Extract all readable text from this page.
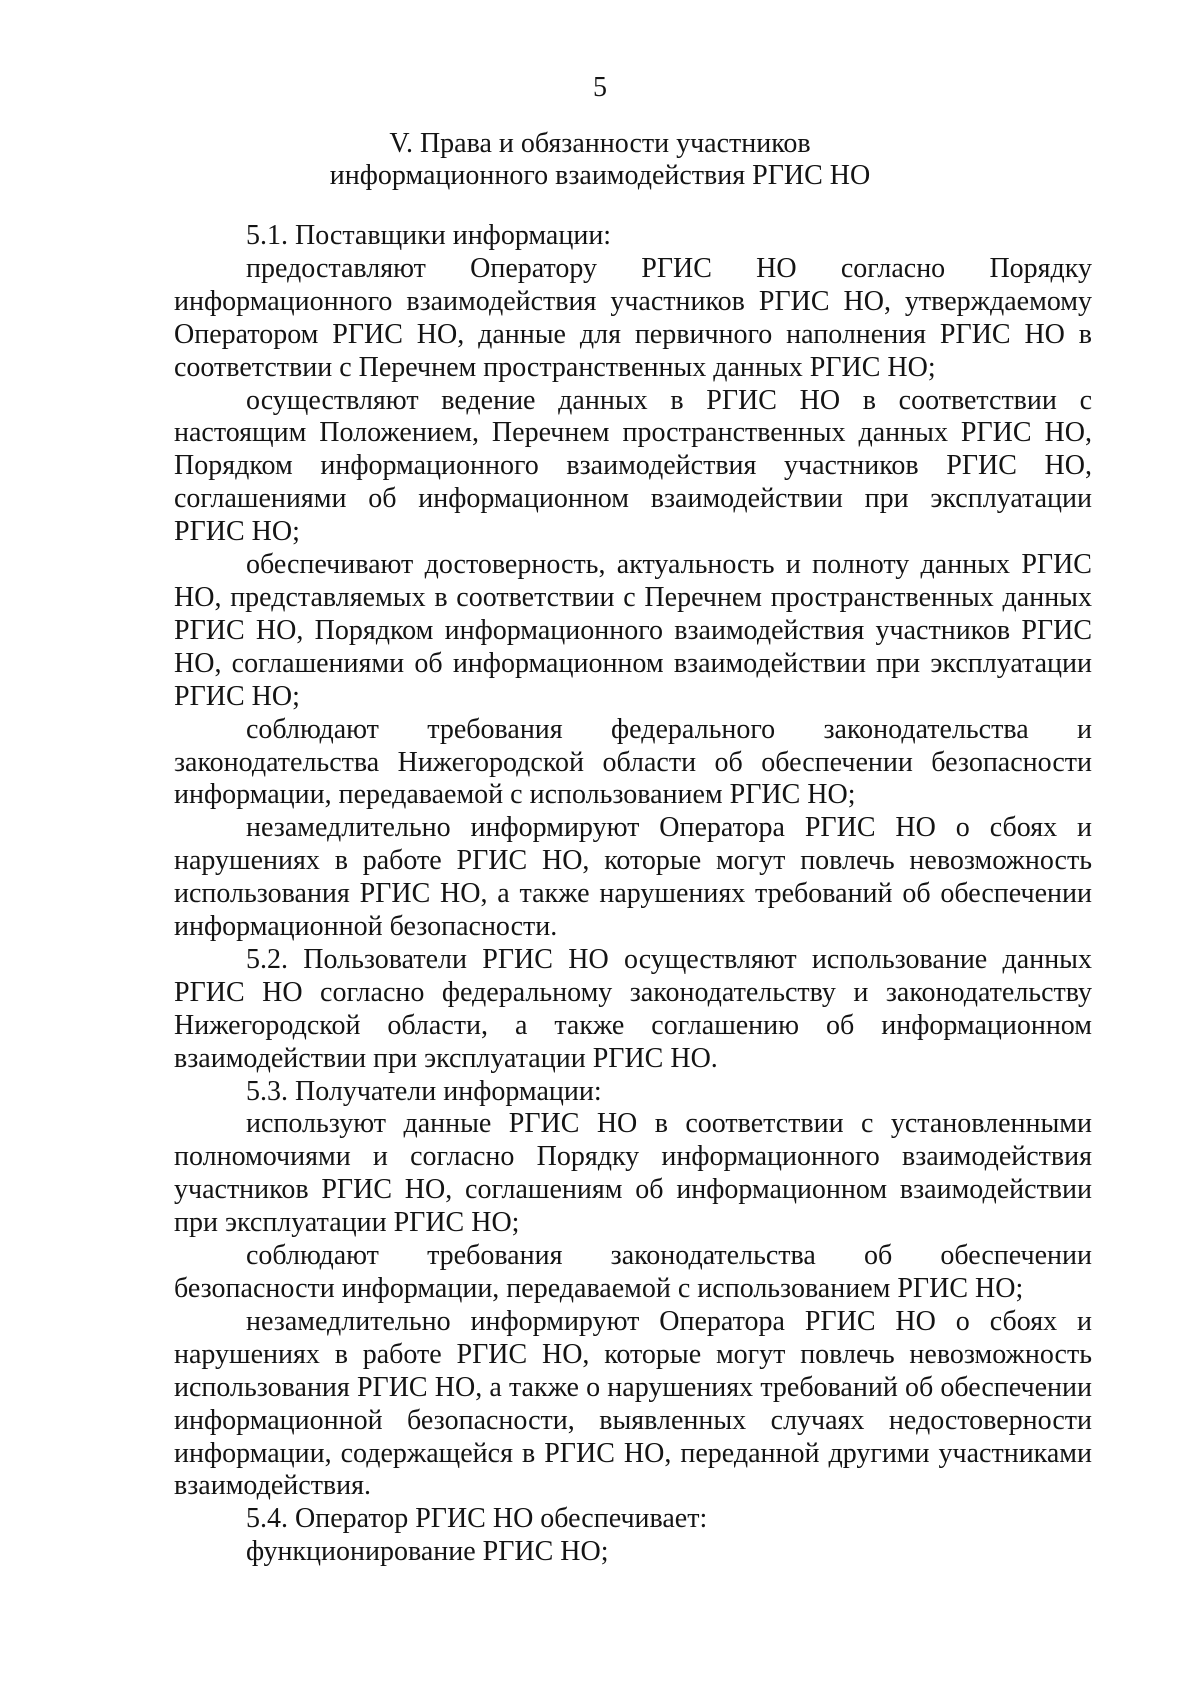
5
V. Права и обязанности участников
информационного взаимодействия РГИС НО

5.1. Поставщики информации:

предоставляют Оператору РГИС НО согласно Порядку информационного взаимодействия участников РГИС НО, утверждаемому Оператором РГИС НО, данные для первичного наполнения РГИС НО в соответствии с Перечнем пространственных данных РГИС НО;

осуществляют ведение данных в РГИС НО в соответствии с настоящим Положением, Перечнем пространственных данных РГИС НО, Порядком информационного взаимодействия участников РГИС НО, соглашениями об информационном взаимодействии при эксплуатации РГИС НО;

обеспечивают достоверность, актуальность и полноту данных РГИС НО, представляемых в соответствии с Перечнем пространственных данных РГИС НО, Порядком информационного взаимодействия участников РГИС НО, соглашениями об информационном взаимодействии при эксплуатации РГИС НО;

соблюдают требования федерального законодательства и законодательства Нижегородской области об обеспечении безопасности информации, передаваемой с использованием РГИС НО;

незамедлительно информируют Оператора РГИС НО о сбоях и нарушениях в работе РГИС НО, которые могут повлечь невозможность использования РГИС НО, а также нарушениях требований об обеспечении информационной безопасности.

5.2. Пользователи РГИС НО осуществляют использование данных РГИС НО согласно федеральному законодательству и законодательству Нижегородской области, а также соглашению об информационном взаимодействии при эксплуатации РГИС НО.

5.3. Получатели информации:

используют данные РГИС НО в соответствии с установленными полномочиями и согласно Порядку информационного взаимодействия участников РГИС НО, соглашениям об информационном взаимодействии при эксплуатации РГИС НО;

соблюдают требования законодательства об обеспечении безопасности информации, передаваемой с использованием РГИС НО;

незамедлительно информируют Оператора РГИС НО о сбоях и нарушениях в работе РГИС НО, которые могут повлечь невозможность использования РГИС НО, а также о нарушениях требований об обеспечении информационной безопасности, выявленных случаях недостоверности информации, содержащейся в РГИС НО, переданной другими участниками взаимодействия.

5.4. Оператор РГИС НО обеспечивает:

функционирование РГИС НО;
